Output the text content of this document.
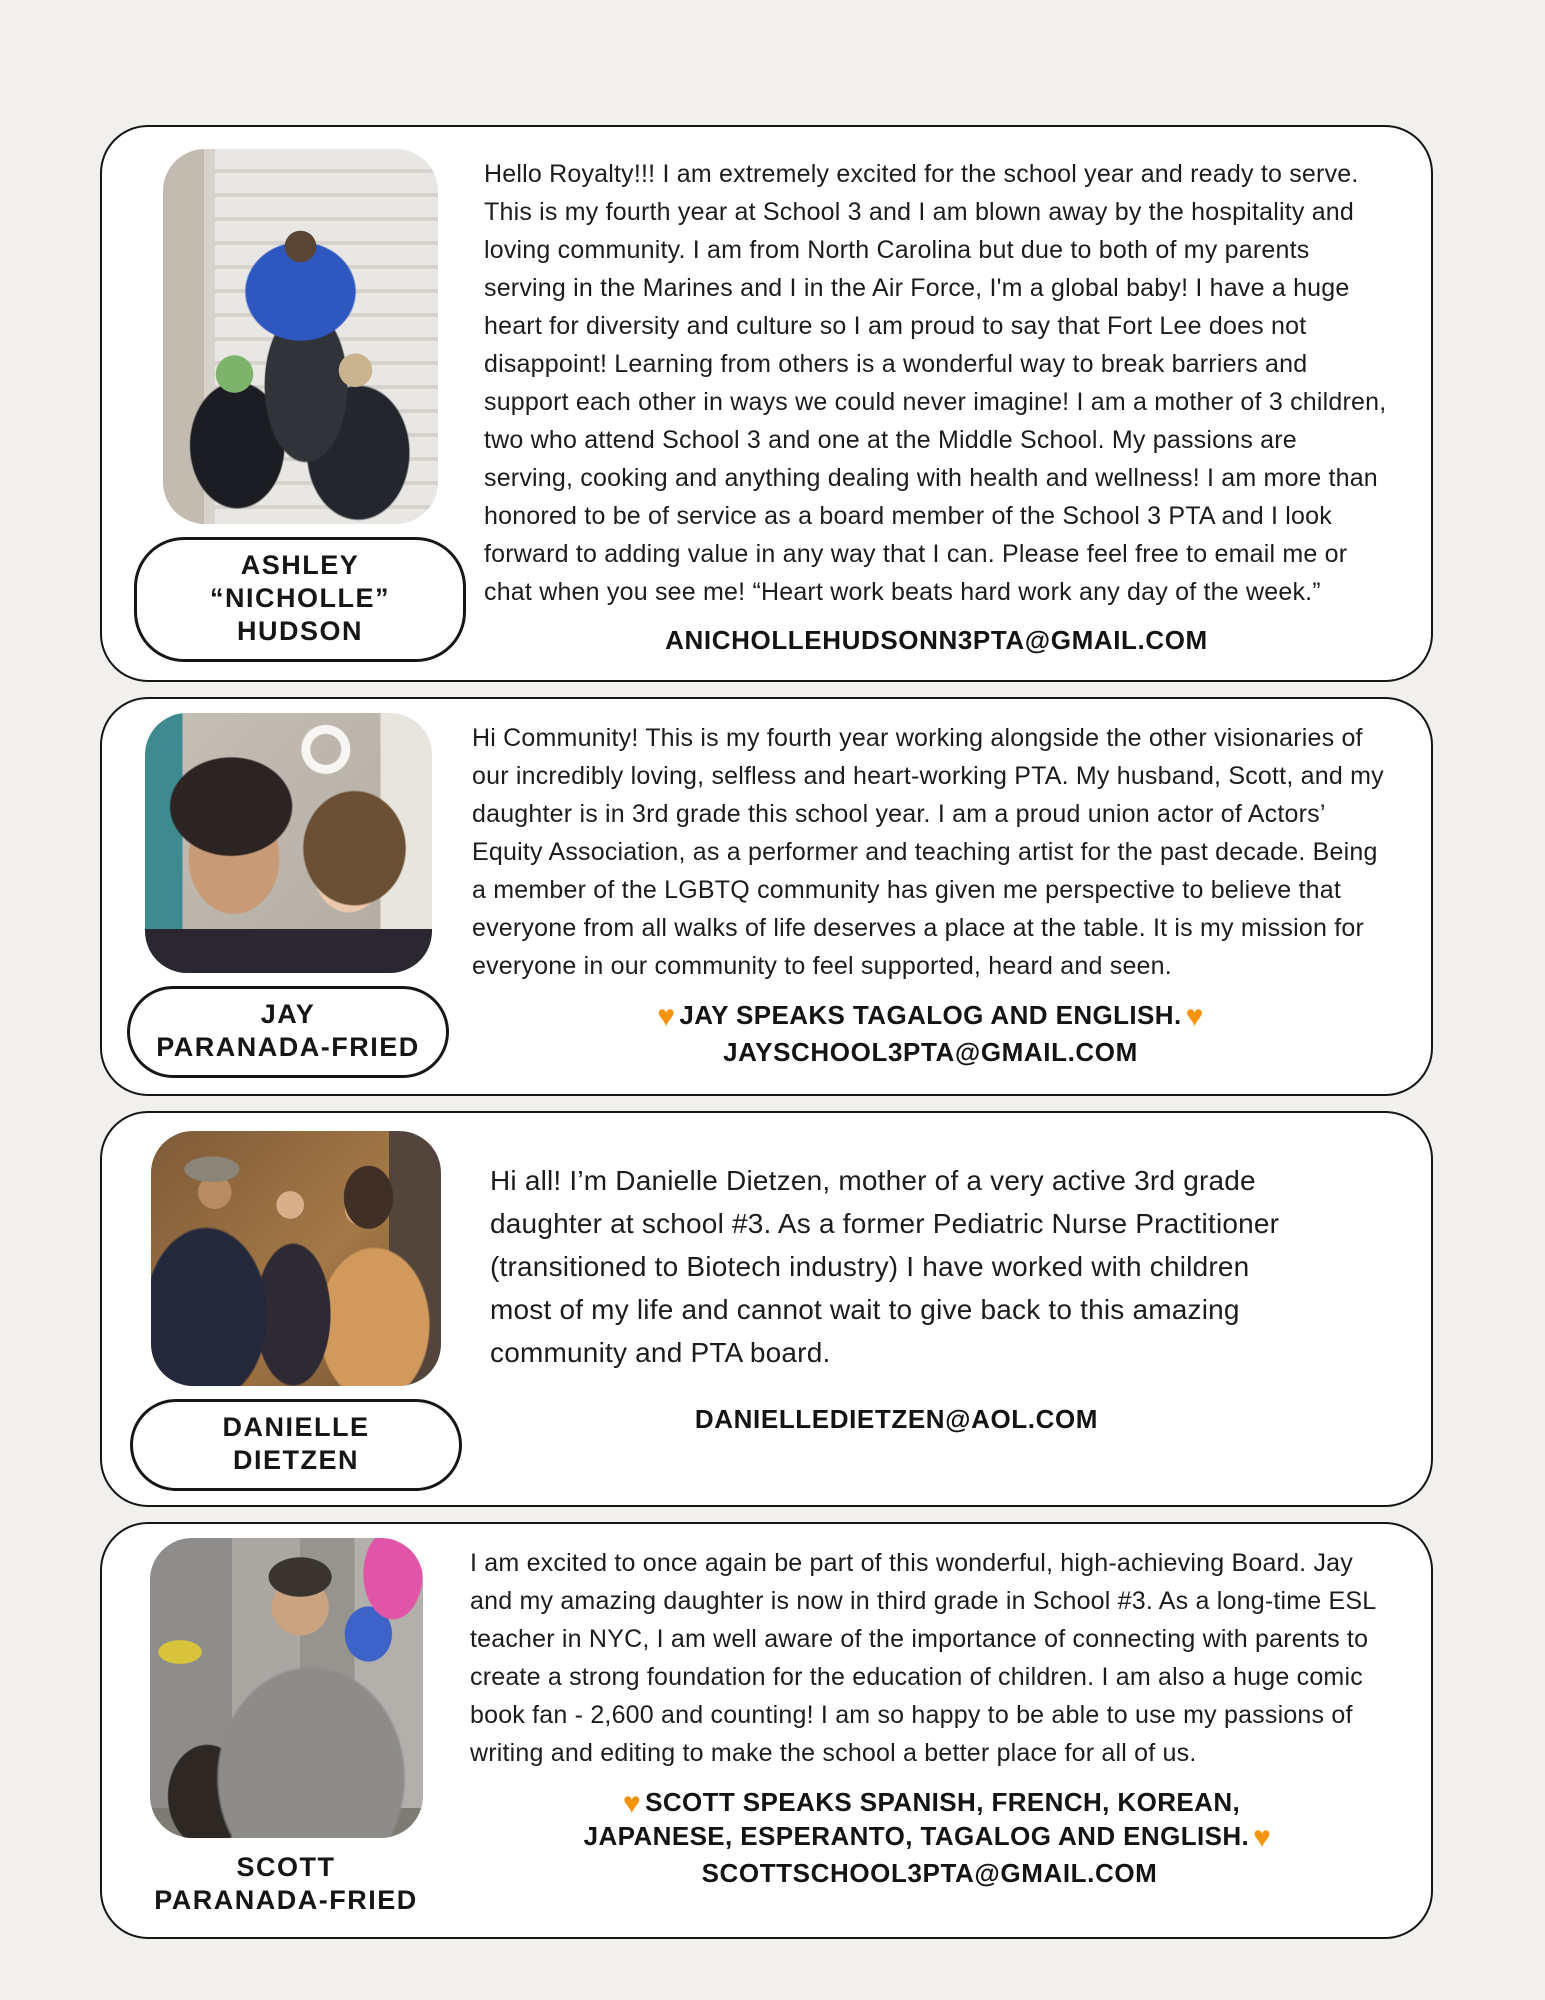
ASHLEY “NICHOLLE”
HUDSON

Hello Royalty!!! I am extremely excited for the school year and ready to serve. This is my fourth year at School 3 and I am blown away by the hospitality and loving community. I am from North Carolina but due to both of my parents serving in the Marines and I in the Air Force, I'm a global baby! I have a huge heart for diversity and culture so I am proud to say that Fort Lee does not disappoint! Learning from others is a wonderful way to break barriers and support each other in ways we could never imagine! I am a mother of 3 children, two who attend School 3 and one at the Middle School. My passions are serving, cooking and anything dealing with health and wellness! I am more than honored to be of service as a board member of the School 3 PTA and I look forward to adding value in any way that I can. Please feel free to email me or chat when you see me! “Heart work beats hard work any day of the week.”

ANICHOLLEHUDSONN3PTA@GMAIL.COM

JAY
PARANADA-FRIED

Hi Community! This is my fourth year working alongside the other visionaries of our incredibly loving, selfless and heart-working PTA. My husband, Scott, and my daughter is in 3rd grade this school year. I am a proud union actor of Actors’ Equity Association, as a performer and teaching artist for the past decade. Being a member of the LGBTQ community has given me perspective to believe that everyone from all walks of life deserves a place at the table. It is my mission for everyone in our community to feel supported, heard and seen.

♥ JAY SPEAKS TAGALOG AND ENGLISH. ♥

JAYSCHOOL3PTA@GMAIL.COM

DANIELLE DIETZEN

Hi all! I’m Danielle Dietzen, mother of a very active 3rd grade daughter at school #3. As a former Pediatric Nurse Practitioner (transitioned to Biotech industry) I have worked with children most of my life and cannot wait to give back to this amazing community and PTA board.

DANIELLEDIETZEN@AOL.COM

SCOTT
PARANADA-FRIED

I am excited to once again be part of this wonderful, high-achieving Board. Jay and my amazing daughter is now in third grade in School #3. As a long-time ESL teacher in NYC, I am well aware of the importance of connecting with parents to create a strong foundation for the education of children. I am also a huge comic book fan - 2,600 and counting! I am so happy to be able to use my passions of writing and editing to make the school a better place for all of us.

♥ SCOTT SPEAKS SPANISH, FRENCH, KOREAN,
JAPANESE, ESPERANTO, TAGALOG AND ENGLISH. ♥

SCOTTSCHOOL3PTA@GMAIL.COM
